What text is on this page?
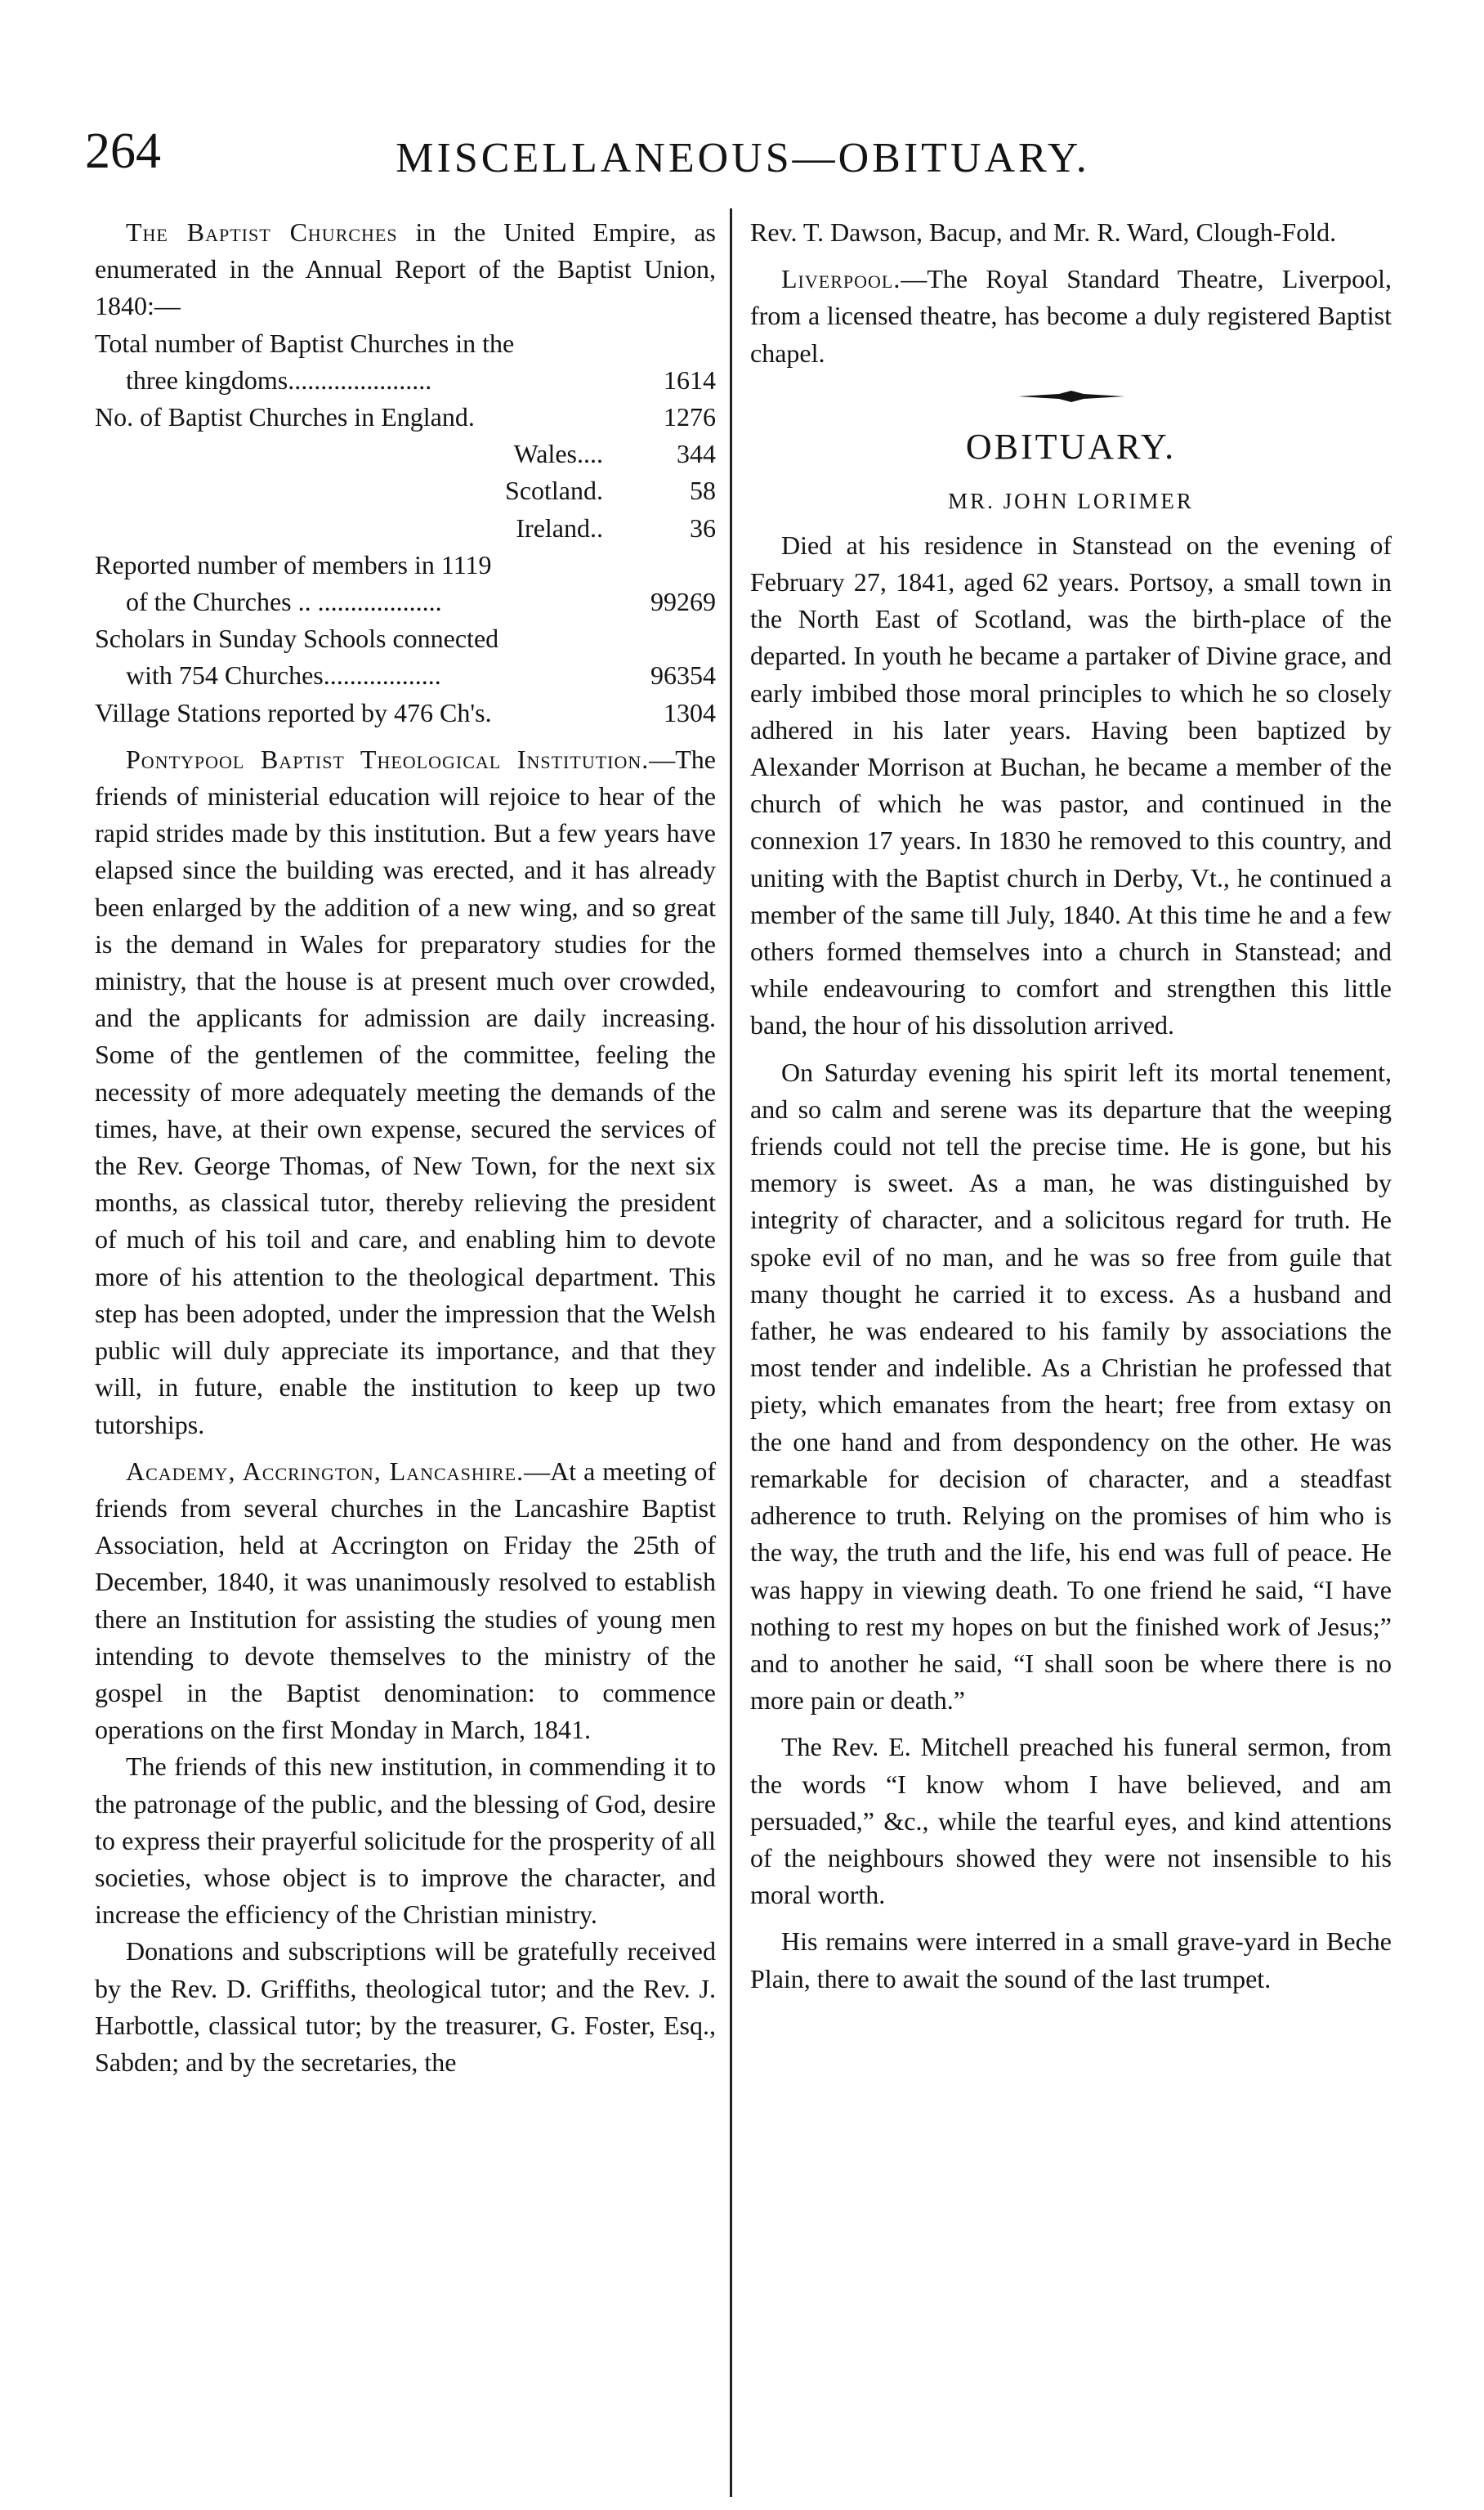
264	MISCELLANEOUS—OBITUARY.

The Baptist Churches in the United Empire, as enumerated in the Annual Report of the Baptist Union, 1840:—

Total number of Baptist Churches in the
three kingdoms......................	1614
No. of Baptist Churches in England.	1276
Wales....	344
Scotland.	58
Ireland..	36
Reported number of members in 1119
of the Churches .. ...................	99269
Scholars in Sunday Schools connected
with 754 Churches..................	96354
Village Stations reported by 476 Ch's.	1304

Pontypool Baptist Theological Institution.—The friends of ministerial education will rejoice to hear of the rapid strides made by this institution. But a few years have elapsed since the building was erected, and it has already been enlarged by the addition of a new wing, and so great is the demand in Wales for preparatory studies for the ministry, that the house is at present much over crowded, and the applicants for admission are daily increasing. Some of the gentlemen of the committee, feeling the necessity of more adequately meeting the demands of the times, have, at their own expense, secured the services of the Rev. George Thomas, of New Town, for the next six months, as classical tutor, thereby relieving the president of much of his toil and care, and enabling him to devote more of his attention to the theological department. This step has been adopted, under the impression that the Welsh public will duly appreciate its importance, and that they will, in future, enable the institution to keep up two tutorships.

Academy, Accrington, Lancashire.—At a meeting of friends from several churches in the Lancashire Baptist Association, held at Accrington on Friday the 25th of December, 1840, it was unanimously resolved to establish there an Institution for assisting the studies of young men intending to devote themselves to the ministry of the gospel in the Baptist denomination: to commence operations on the first Monday in March, 1841.

The friends of this new institution, in commending it to the patronage of the public, and the blessing of God, desire to express their prayerful solicitude for the prosperity of all societies, whose object is to improve the character, and increase the efficiency of the Christian ministry.

Donations and subscriptions will be gratefully received by the Rev. D. Griffiths, theological tutor; and the Rev. J. Harbottle, classical tutor; by the treasurer, G. Foster, Esq., Sabden; and by the secretaries, the

Rev. T. Dawson, Bacup, and Mr. R. Ward, Clough-Fold.

Liverpool.—The Royal Standard Theatre, Liverpool, from a licensed theatre, has become a duly registered Baptist chapel.

OBITUARY.
MR. JOHN LORIMER

Died at his residence in Stanstead on the evening of February 27, 1841, aged 62 years. Portsoy, a small town in the North East of Scotland, was the birth-place of the departed. In youth he became a partaker of Divine grace, and early imbibed those moral principles to which he so closely adhered in his later years. Having been baptized by Alexander Morrison at Buchan, he became a member of the church of which he was pastor, and continued in the connexion 17 years. In 1830 he removed to this country, and uniting with the Baptist church in Derby, Vt., he continued a member of the same till July, 1840. At this time he and a few others formed themselves into a church in Stanstead; and while endeavouring to comfort and strengthen this little band, the hour of his dissolution arrived.

On Saturday evening his spirit left its mortal tenement, and so calm and serene was its departure that the weeping friends could not tell the precise time. He is gone, but his memory is sweet. As a man, he was distinguished by integrity of character, and a solicitous regard for truth. He spoke evil of no man, and he was so free from guile that many thought he carried it to excess. As a husband and father, he was endeared to his family by associations the most tender and indelible. As a Christian he professed that piety, which emanates from the heart; free from extasy on the one hand and from despondency on the other. He was remarkable for decision of character, and a steadfast adherence to truth. Relying on the promises of him who is the way, the truth and the life, his end was full of peace. He was happy in viewing death. To one friend he said, “I have nothing to rest my hopes on but the finished work of Jesus;” and to another he said, “I shall soon be where there is no more pain or death.”

The Rev. E. Mitchell preached his funeral sermon, from the words “I know whom I have believed, and am persuaded,” &c., while the tearful eyes, and kind attentions of the neighbours showed they were not insensible to his moral worth.

His remains were interred in a small grave-yard in Beche Plain, there to await the sound of the last trumpet.
